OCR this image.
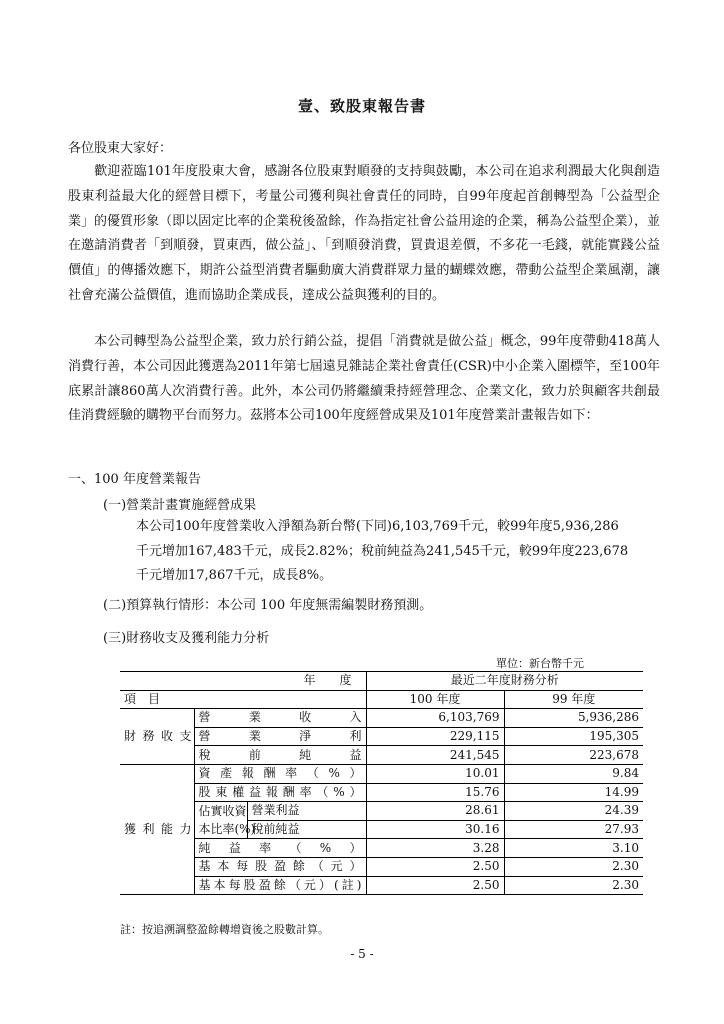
壹、致股東報告書
各位股東大家好：
歡迎蒞臨101年度股東大會，感謝各位股東對順發的支持與鼓勵，本公司在追求利潤最大化與創造股東利益最大化的經營目標下，考量公司獲利與社會責任的同時，自99年度起首創轉型為「公益型企業」的優質形象（即以固定比率的企業稅後盈餘，作為指定社會公益用途的企業，稱為公益型企業），並在邀請消費者「到順發，買東西，做公益」、「到順發消費，買貴退差價，不多花一毛錢，就能實踐公益價值」的傳播效應下，期許公益型消費者驅動廣大消費群眾力量的蝴蝶效應，帶動公益型企業風潮，讓社會充滿公益價值，進而協助企業成長，達成公益與獲利的目的。
本公司轉型為公益型企業，致力於行銷公益，提倡「消費就是做公益」概念，99年度帶動418萬人消費行善，本公司因此獲選為2011年第七屆遠見雜誌企業社會責任(CSR)中小企業入圍標竿，至100年底累計讓860萬人次消費行善。此外，本公司仍將繼續秉持經營理念、企業文化，致力於與顧客共創最佳消費經驗的購物平台而努力。茲將本公司100年度經營成果及101年度營業計畫報告如下：
一、100 年度營業報告
(一)營業計畫實施經營成果
本公司100年度營業收入淨額為新台幣(下同)6,103,769千元，較99年度5,936,286
千元增加167,483千元，成長2.82%；稅前純益為241,545千元，較99年度223,678
千元增加17,867千元，成長8%。
(二)預算執行情形：本公司 100 年度無需編製財務預測。
(三)財務收支及獲利能力分析
單位：新台幣千元
年　　度			最近二年度財務分析	
項　目			100 年度	99 年度
財務收支	營業收入		6,103,769	5,936,286
	營業淨利		229,115	195,305
	稅前純益		241,545	223,678
獲利能力	資產報酬率（%）		10.01	9.84
	股東權益報酬率（%）		15.76	14.99
	佔實收資	營業利益	28.61	24.39
	本比率(%)	稅前純益	30.16	27.93
	純益率（%）		3.28	3.10
	基本每股盈餘（元）		2.50	2.30
	基本每股盈餘（元）(註)		2.50	2.30
註：按追溯調整盈餘轉增資後之股數計算。
- 5 -
